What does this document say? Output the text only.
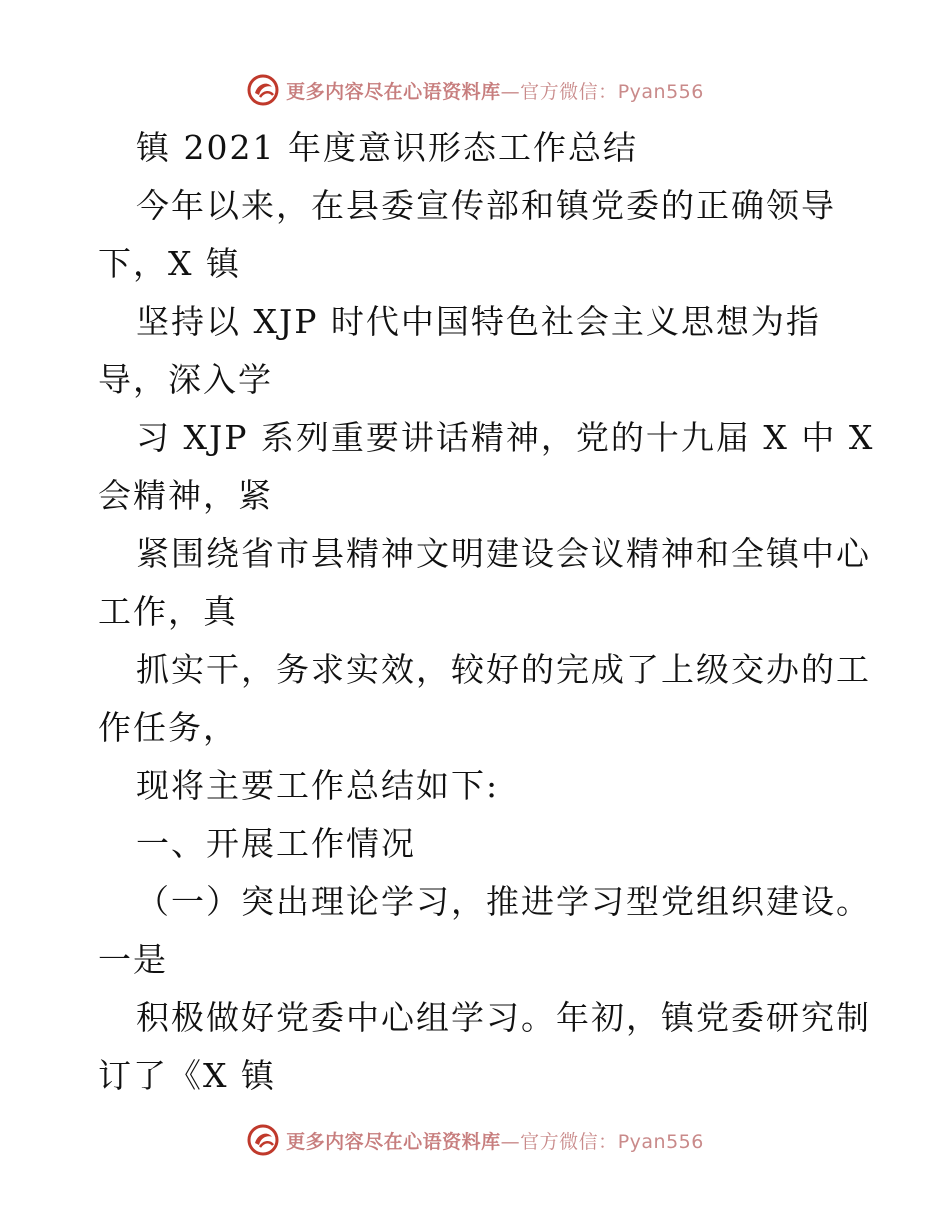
更多内容尽在心语资料库—官方微信：Pyan556
镇 2021 年度意识形态工作总结
今年以来，在县委宣传部和镇党委的正确领导
下，X 镇
坚持以 XJP 时代中国特色社会主义思想为指
导，深入学
习 XJP 系列重要讲话精神，党的十九届 X 中 X
会精神，紧
紧围绕省市县精神文明建设会议精神和全镇中心
工作，真
抓实干，务求实效，较好的完成了上级交办的工
作任务，
现将主要工作总结如下:
一、开展工作情况
（一）突出理论学习，推进学习型党组织建设。
一是
积极做好党委中心组学习。年初，镇党委研究制
订了《X 镇
更多内容尽在心语资料库—官方微信：Pyan556
